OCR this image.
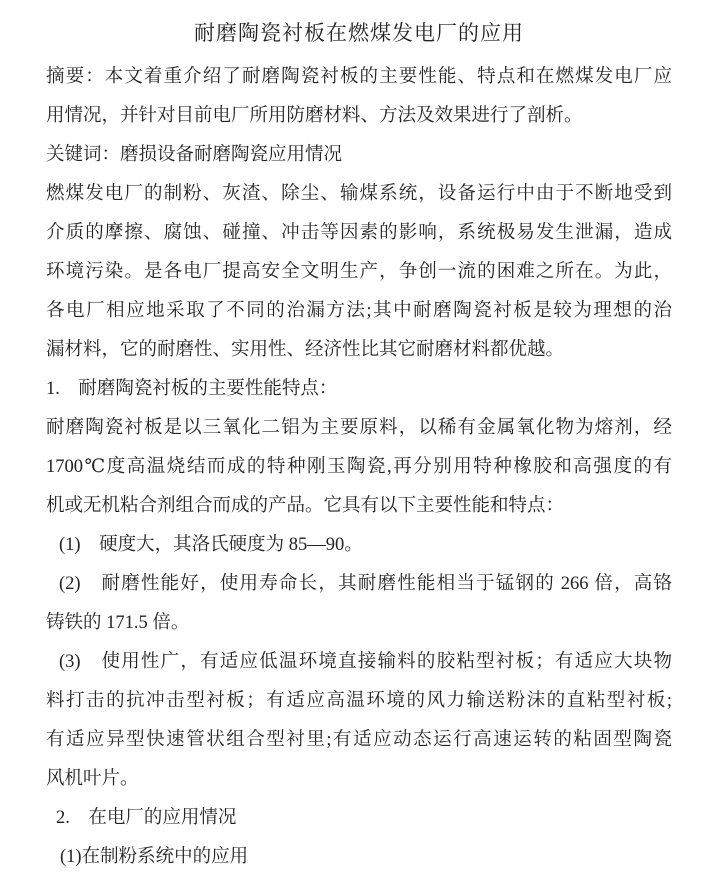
耐磨陶瓷衬板在燃煤发电厂的应用
摘要：本文着重介绍了耐磨陶瓷衬板的主要性能、特点和在燃煤发电厂应
用情况，并针对目前电厂所用防磨材料、方法及效果进行了剖析。
关键词：磨损设备耐磨陶瓷应用情况
燃煤发电厂的制粉、灰渣、除尘、输煤系统，设备运行中由于不断地受到
介质的摩擦、腐蚀、碰撞、冲击等因素的影响，系统极易发生泄漏，造成
环境污染。是各电厂提高安全文明生产，争创一流的困难之所在。为此，
各电厂相应地采取了不同的治漏方法;其中耐磨陶瓷衬板是较为理想的治
漏材料，它的耐磨性、实用性、经济性比其它耐磨材料都优越。
1.　耐磨陶瓷衬板的主要性能特点：
耐磨陶瓷衬板是以三氧化二铝为主要原料，以稀有金属氧化物为熔剂，经
1700℃度高温烧结而成的特种刚玉陶瓷,再分别用特种橡胶和高强度的有
机或无机粘合剂组合而成的产品。它具有以下主要性能和特点：
(1)　硬度大，其洛氏硬度为 85—90。
(2)　耐磨性能好，使用寿命长，其耐磨性能相当于锰钢的 266 倍，高铬
铸铁的 171.5 倍。
(3)　使用性广，有适应低温环境直接输料的胶粘型衬板；有适应大块物
料打击的抗冲击型衬板；有适应高温环境的风力输送粉沫的直粘型衬板;
有适应异型快速管状组合型衬里;有适应动态运行高速运转的粘固型陶瓷
风机叶片。
2.　在电厂的应用情况
(1)在制粉系统中的应用
